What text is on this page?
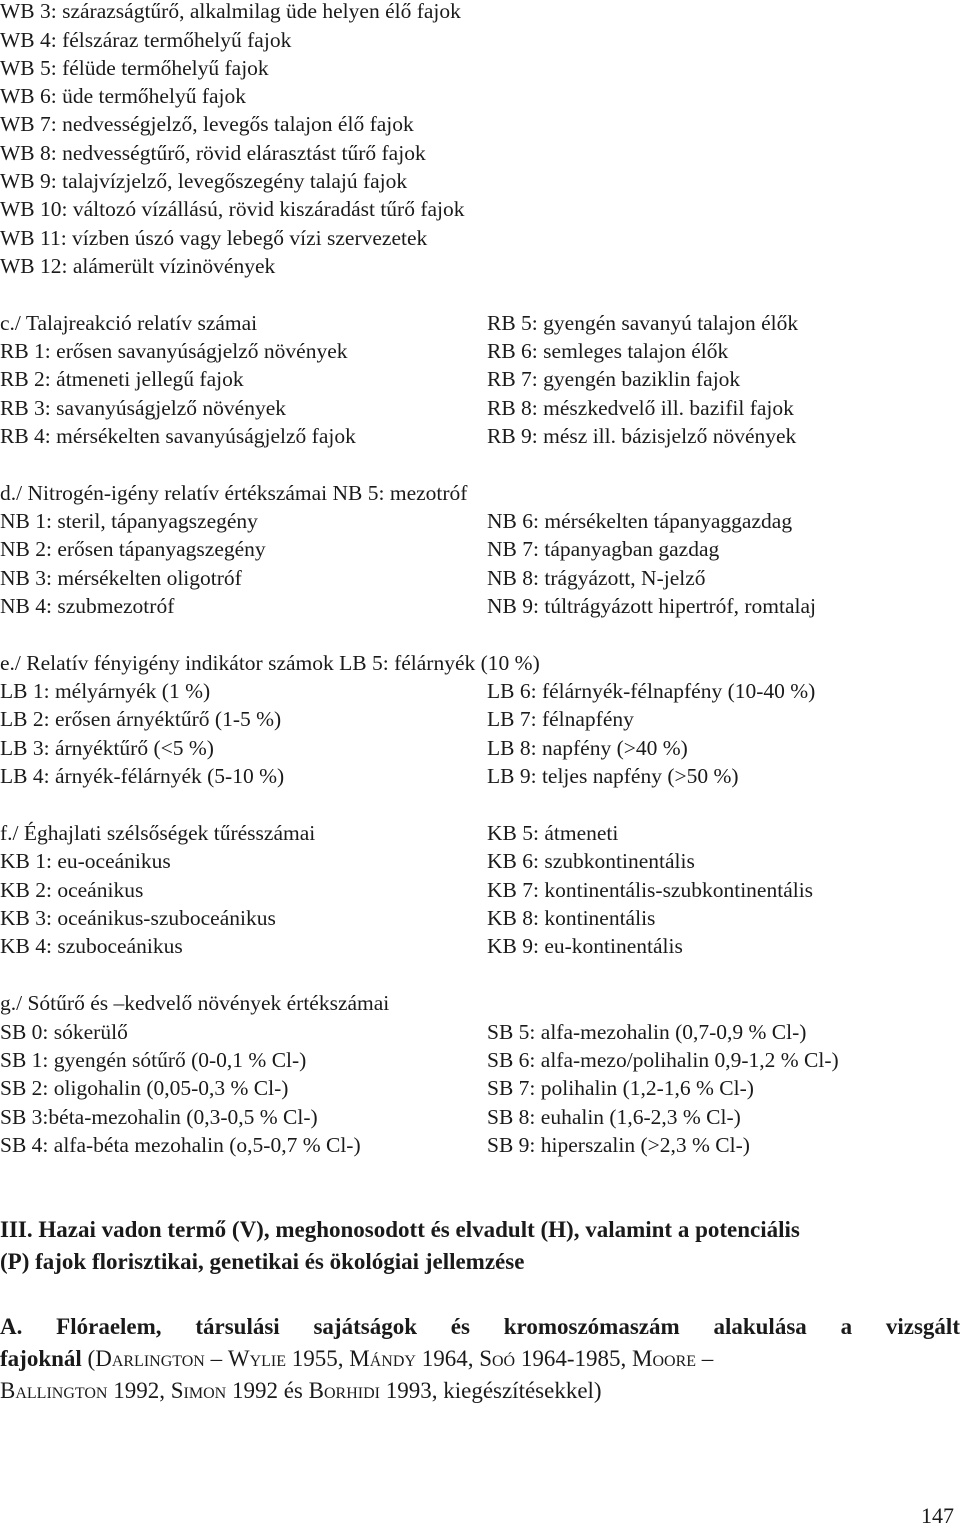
WB 3: szárazságtűrő, alkalmilag üde helyen élő fajok
WB 4: félszáraz termőhelyű fajok
WB 5: félüde termőhelyű fajok
WB 6: üde termőhelyű fajok
WB 7: nedvességjelző, levegős talajon élő fajok
WB 8: nedvességtűrő, rövid elárasztást tűrő fajok
WB 9: talajvízjelző, levegőszegény talajú fajok
WB 10: változó vízállású, rövid kiszáradást tűrő fajok
WB 11: vízben úszó vagy lebegő vízi szervezetek
WB 12: alámerült vízinövények
c./ Talajreakció relatív számai
RB 1: erősen savanyúságjelző növények
RB 2: átmeneti jellegű fajok
RB 3: savanyúságjelző növények
RB 4: mérsékelten savanyúságjelző fajok
RB 5: gyengén savanyú talajon élők
RB 6: semleges talajon élők
RB 7: gyengén baziklin fajok
RB 8: mészkedvelő ill. bazifil fajok
RB 9: mész ill. bázisjelző növények
d./ Nitrogén-igény relatív értékszámai NB 5: mezotróf
NB 1: steril, tápanyagszegény
NB 2: erősen tápanyagszegény
NB 3: mérsékelten oligotróf
NB 4: szubmezotróf
NB 6: mérsékelten tápanyaggazdag
NB 7: tápanyagban gazdag
NB 8: trágyázott, N-jelző
NB 9: túltrágyázott hipertróf, romtalaj
e./ Relatív fényigény indikátor számok LB 5: félárnyék (10 %)
LB 1: mélyárnyék (1 %)
LB 2: erősen árnyéktűrő (1-5 %)
LB 3: árnyéktűrő (<5 %)
LB 4: árnyék-félárnyék (5-10 %)
LB 6: félárnyék-félnapfény (10-40 %)
LB 7: félnapfény
LB 8: napfény (>40 %)
LB 9: teljes napfény (>50 %)
f./ Éghajlati szélsőségek tűrésszámai
KB 1: eu-oceánikus
KB 2: oceánikus
KB 3: oceánikus-szuboceánikus
KB 4: szuboceánikus
KB 5: átmeneti
KB 6: szubkontinentális
KB 7: kontinentális-szubkontinentális
KB 8: kontinentális
KB 9: eu-kontinentális
g./ Sótűrő és –kedvelő növények értékszámai
SB 0: sókerülő
SB 1: gyengén sótűrő (0-0,1 % Cl-)
SB 2: oligohalin (0,05-0,3 % Cl-)
SB 3:béta-mezohalin (0,3-0,5 % Cl-)
SB 4: alfa-béta mezohalin (o,5-0,7 % Cl-)
SB 5: alfa-mezohalin (0,7-0,9 % Cl-)
SB 6: alfa-mezo/polihalin 0,9-1,2 % Cl-)
SB 7: polihalin (1,2-1,6 % Cl-)
SB 8: euhalin (1,6-2,3 % Cl-)
SB 9: hiperszalin (>2,3 % Cl-)
III. Hazai vadon termő (V), meghonosodott és elvadult (H), valamint a potenciális
(P) fajok florisztikai, genetikai és ökológiai jellemzése
A. Flóraelem, társulási sajátságok és kromoszómaszám alakulása a vizsgált
fajoknál (Darlington – Wylie 1955, Mándy 1964, Soó 1964-1985, Moore –
Ballington 1992, Simon 1992 és Borhidi 1993, kiegészítésekkel)
147
